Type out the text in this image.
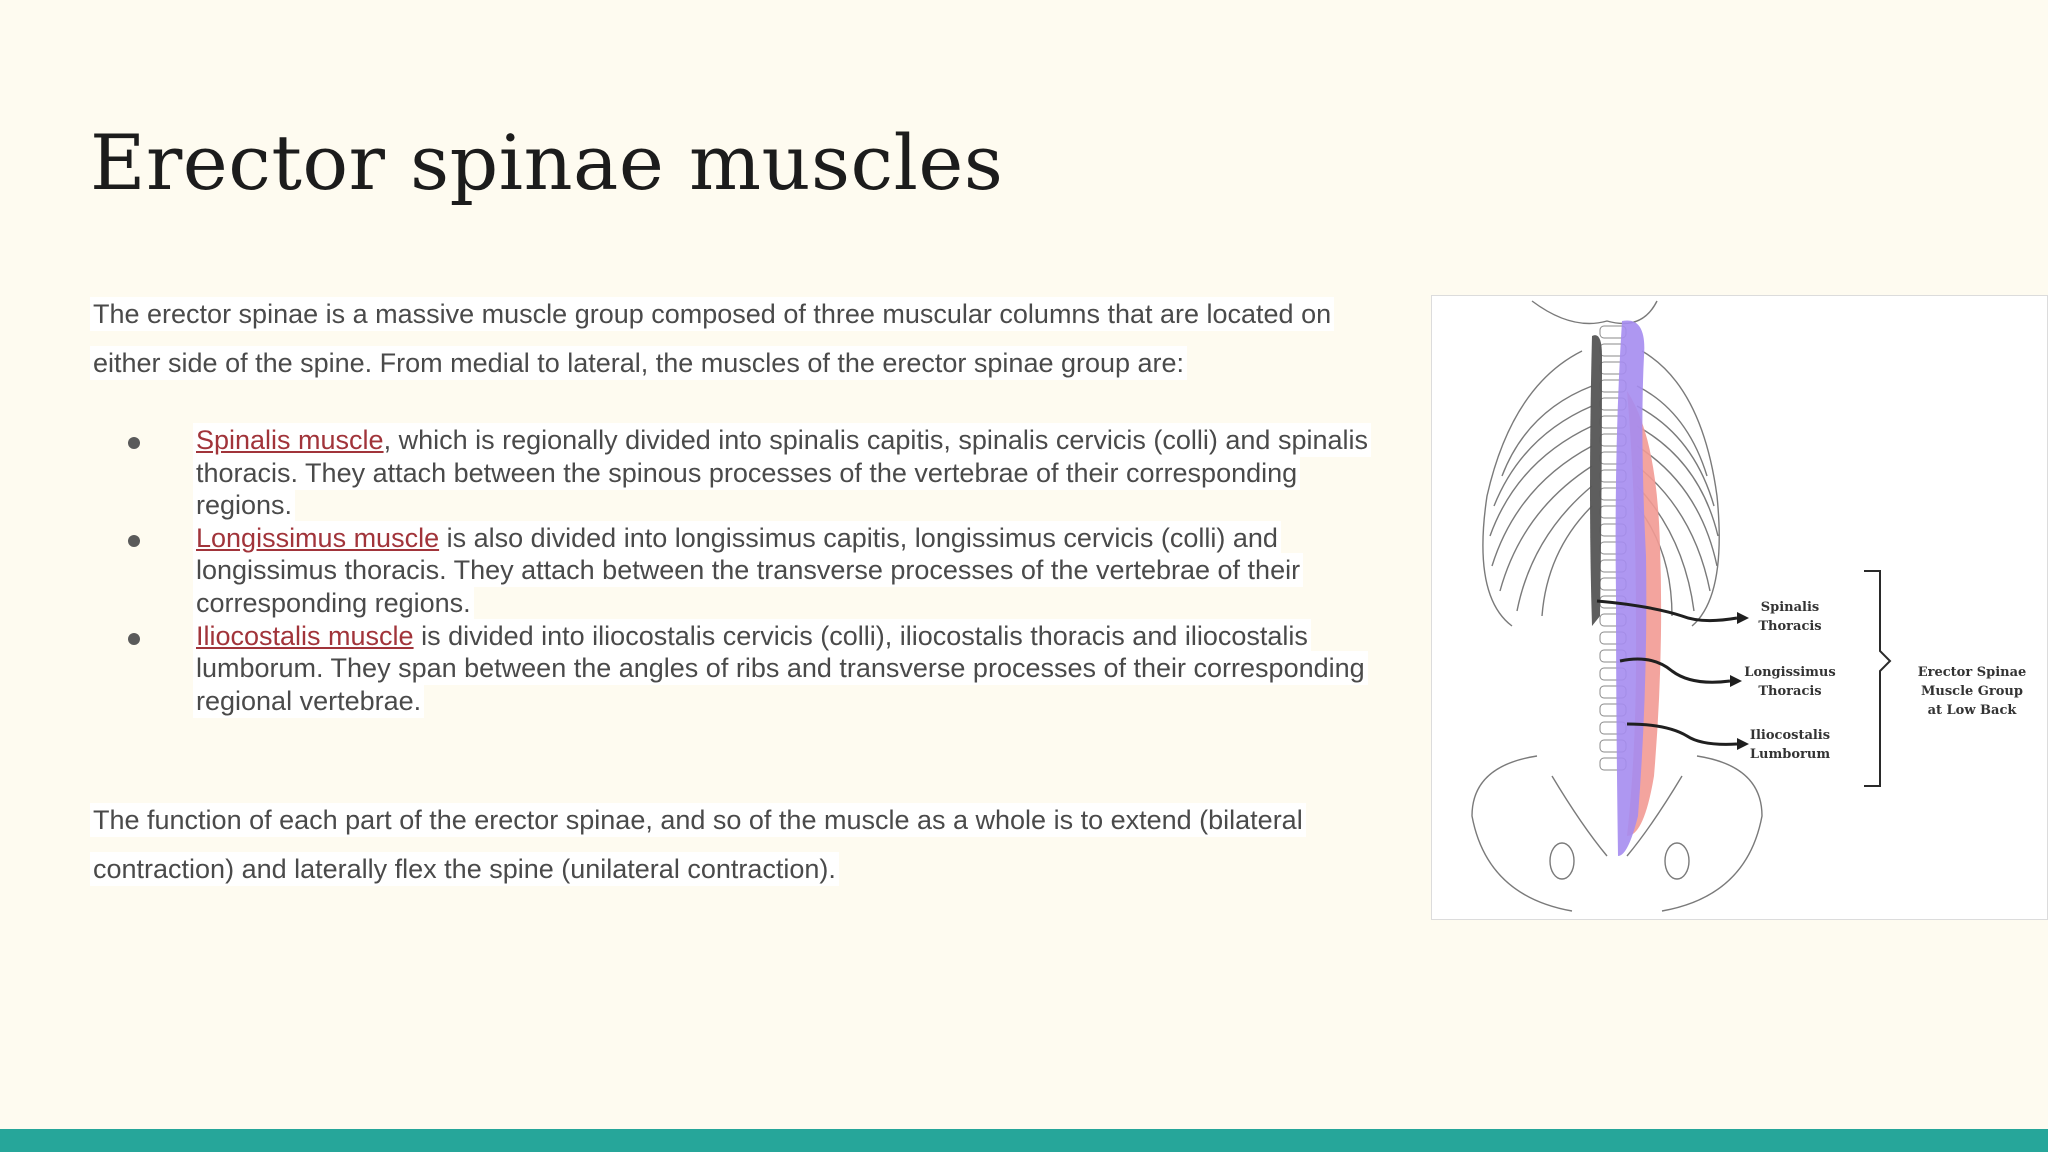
Erector spinae muscles

The erector spinae is a massive muscle group composed of three muscular columns that are located on either side of the spine. From medial to lateral, the muscles of the erector spinae group are:

Spinalis muscle, which is regionally divided into spinalis capitis, spinalis cervicis (colli) and spinalis thoracis. They attach between the spinous processes of the vertebrae of their corresponding regions.
Longissimus muscle is also divided into longissimus capitis, longissimus cervicis (colli) and longissimus thoracis. They attach between the transverse processes of the vertebrae of their corresponding regions.
Iliocostalis muscle is divided into iliocostalis cervicis (colli), iliocostalis thoracis and iliocostalis lumborum. They span between the angles of ribs and transverse processes of their corresponding regional vertebrae.

The function of each part of the erector spinae, and so of the muscle as a whole is to extend (bilateral contraction) and laterally flex the spine (unilateral contraction).

Spinalis
Thoracis
Longissimus
Thoracis
Iliocostalis
Lumborum
Erector Spinae
Muscle Group
at Low Back
